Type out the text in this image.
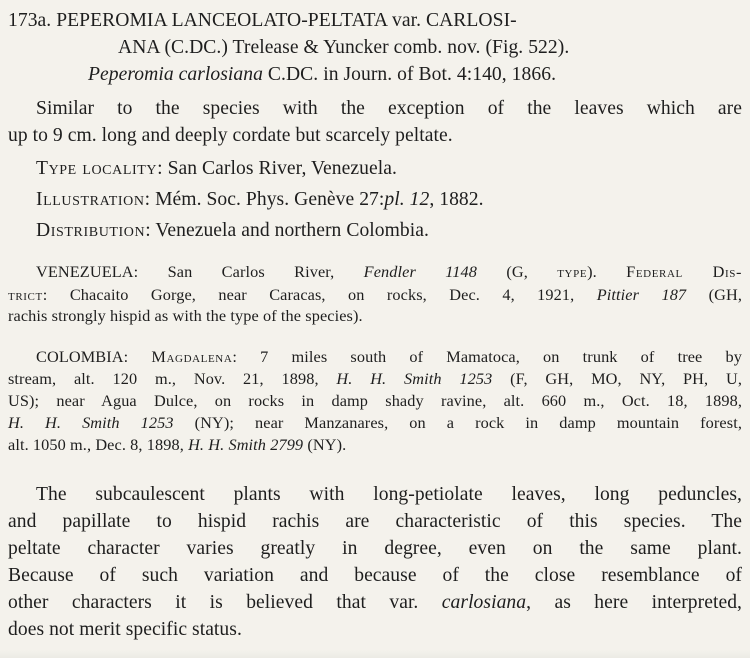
173a. PEPEROMIA LANCEOLATO-PELTATA var. CARLOSI-
ANA (C.DC.) Trelease & Yuncker comb. nov. (Fig. 522).
Peperomia carlosiana C.DC. in Journ. of Bot. 4:140, 1866.
Similar to the species with the exception of the leaves which are
up to 9 cm. long and deeply cordate but scarcely peltate.
Type locality: San Carlos River, Venezuela.
Illustration: Mém. Soc. Phys. Genève 27:pl. 12, 1882.
Distribution: Venezuela and northern Colombia.
VENEZUELA: San Carlos River, Fendler 1148 (G, type). Federal Dis-
trict: Chacaito Gorge, near Caracas, on rocks, Dec. 4, 1921, Pittier 187 (GH,
rachis strongly hispid as with the type of the species).
COLOMBIA: Magdalena: 7 miles south of Mamatoca, on trunk of tree by
stream, alt. 120 m., Nov. 21, 1898, H. H. Smith 1253 (F, GH, MO, NY, PH, U,
US); near Agua Dulce, on rocks in damp shady ravine, alt. 660 m., Oct. 18, 1898,
H. H. Smith 1253 (NY); near Manzanares, on a rock in damp mountain forest,
alt. 1050 m., Dec. 8, 1898, H. H. Smith 2799 (NY).
The subcaulescent plants with long-petiolate leaves, long peduncles,
and papillate to hispid rachis are characteristic of this species. The
peltate character varies greatly in degree, even on the same plant.
Because of such variation and because of the close resemblance of
other characters it is believed that var. carlosiana, as here interpreted,
does not merit specific status.
